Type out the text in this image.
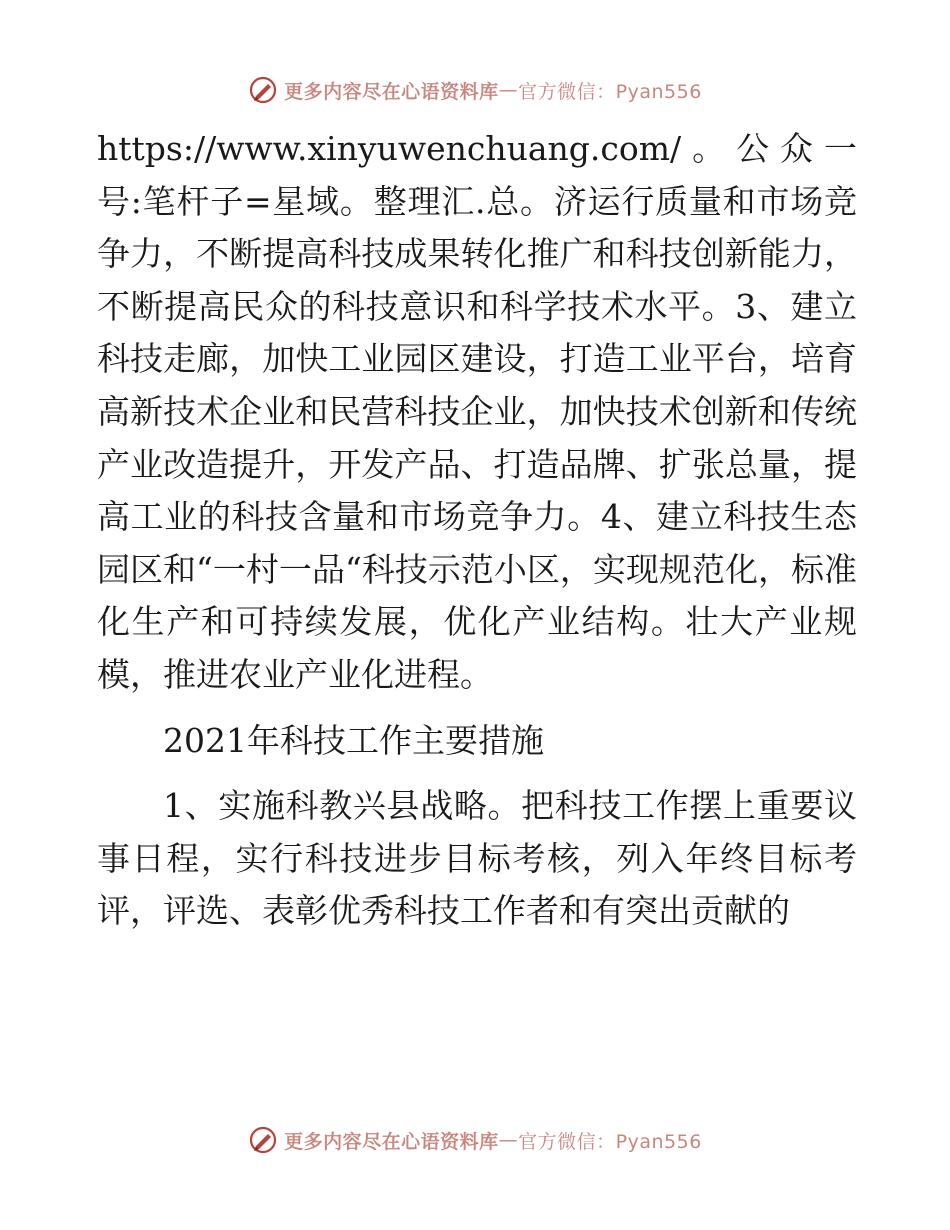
更多内容尽在心语资料库 — 官方微信：Pyan556

https://www.xinyuwenchuang.com/。公众一号:笔杆子=星域。整理汇.总。济运行质量和市场竞争力，不断提高科技成果转化推广和科技创新能力，不断提高民众的科技意识和科学技术水平。3、建立科技走廊，加快工业园区建设，打造工业平台，培育高新技术企业和民营科技企业，加快技术创新和传统产业改造提升，开发产品、打造品牌、扩张总量，提高工业的科技含量和市场竞争力。4、建立科技生态园区和“一村一品“科技示范小区，实现规范化，标准化生产和可持续发展，优化产业结构。壮大产业规模，推进农业产业化进程。

2021年科技工作主要措施

1、实施科教兴县战略。把科技工作摆上重要议事日程，实行科技进步目标考核，列入年终目标考评，评选、表彰优秀科技工作者和有突出贡献的

更多内容尽在心语资料库 — 官方微信：Pyan556
